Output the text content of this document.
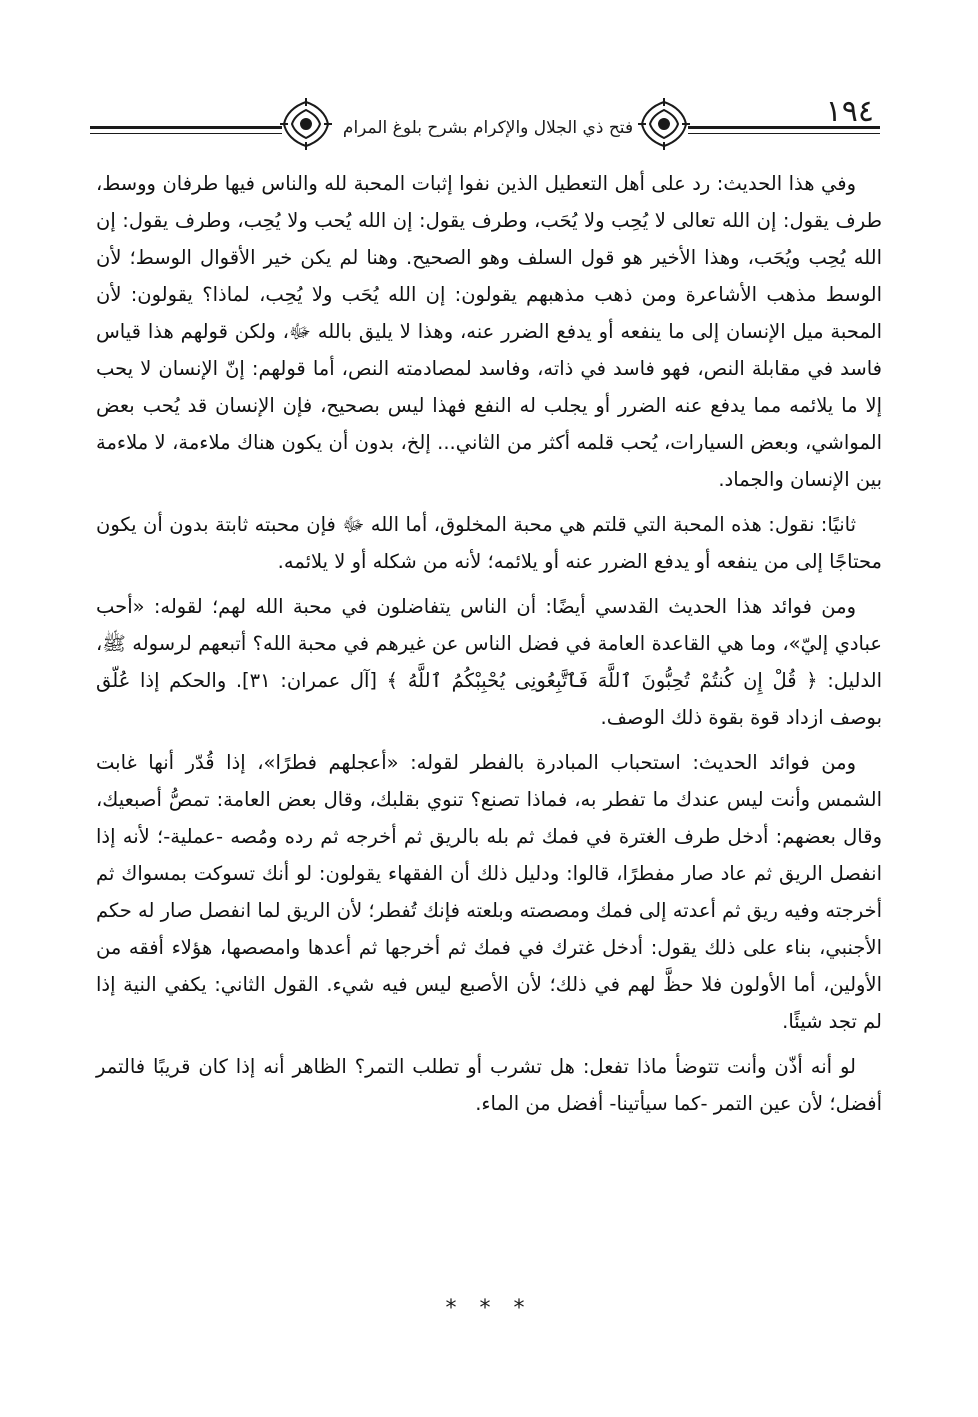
فتح ذي الجلال والإكرام بشرح بلوغ المرام	١٩٤

وفي هذا الحديث: رد على أهل التعطيل الذين نفوا إثبات المحبة لله والناس فيها طرفان ووسط، طرف يقول: إن الله تعالى لا يُحِب ولا يُحَب، وطرف يقول: إن الله يُحب ولا يُحِب، وطرف يقول: إن الله يُحِب ويُحَب، وهذا الأخير هو قول السلف وهو الصحيح. وهنا لم يكن خير الأقوال الوسط؛ لأن الوسط مذهب الأشاعرة ومن ذهب مذهبهم يقولون: إن الله يُحَب ولا يُحِب، لماذا؟ يقولون: لأن المحبة ميل الإنسان إلى ما ينفعه أو يدفع الضرر عنه، وهذا لا يليق بالله ﷻ، ولكن قولهم هذا قياس فاسد في مقابلة النص، فهو فاسد في ذاته، وفاسد لمصادمته النص، أما قولهم: إنّ الإنسان لا يحب إلا ما يلائمه مما يدفع عنه الضرر أو يجلب له النفع فهذا ليس بصحيح، فإن الإنسان قد يُحب بعض المواشي، وبعض السيارات، يُحب قلمه أكثر من الثاني... إلخ، بدون أن يكون هناك ملاءمة، لا ملاءمة بين الإنسان والجماد.

ثانيًا: نقول: هذه المحبة التي قلتم هي محبة المخلوق، أما الله ﷻ فإن محبته ثابتة بدون أن يكون محتاجًا إلى من ينفعه أو يدفع الضرر عنه أو يلائمه؛ لأنه من شكله أو لا يلائمه.

ومن فوائد هذا الحديث القدسي أيضًا: أن الناس يتفاضلون في محبة الله لهم؛ لقوله: «أحب عبادي إليّ»، وما هي القاعدة العامة في فضل الناس عن غيرهم في محبة الله؟ أتبعهم لرسوله ﷺ، الدليل: ﴿ قُلْ إِن كُنتُمْ تُحِبُّونَ ٱللَّهَ فَٱتَّبِعُونِى يُحْبِبْكُمُ ٱللَّهُ ﴾ [آل عمران: ٣١]. والحكم إذا عُلّق بوصف ازداد قوة بقوة ذلك الوصف.

ومن فوائد الحديث: استحباب المبادرة بالفطر لقوله: «أعجلهم فطرًا»، إذا قُدّر أنها غابت الشمس وأنت ليس عندك ما تفطر به، فماذا تصنع؟ تنوي بقلبك، وقال بعض العامة: تمصُّ أصبعيك، وقال بعضهم: أدخل طرف الغترة في فمك ثم بله بالريق ثم أخرجه ثم رده ومُصه -عملية-؛ لأنه إذا انفصل الريق ثم عاد صار مفطرًا، قالوا: ودليل ذلك أن الفقهاء يقولون: لو أنك تسوكت بمسواك ثم أخرجته وفيه ريق ثم أعدته إلى فمك ومصصته وبلعته فإنك تُفطر؛ لأن الريق لما انفصل صار له حكم الأجنبي، بناء على ذلك يقول: أدخل غترك في فمك ثم أخرجها ثم أعدها وامصصها، هؤلاء أفقه من الأولين، أما الأولون فلا حظَّ لهم في ذلك؛ لأن الأصبع ليس فيه شيء. القول الثاني: يكفي النية إذا لم تجد شيئًا.

لو أنه أذّن وأنت تتوضأ ماذا تفعل: هل تشرب أو تطلب التمر؟ الظاهر أنه إذا كان قريبًا فالتمر أفضل؛ لأن عين التمر -كما سيأتينا- أفضل من الماء.

* * *
